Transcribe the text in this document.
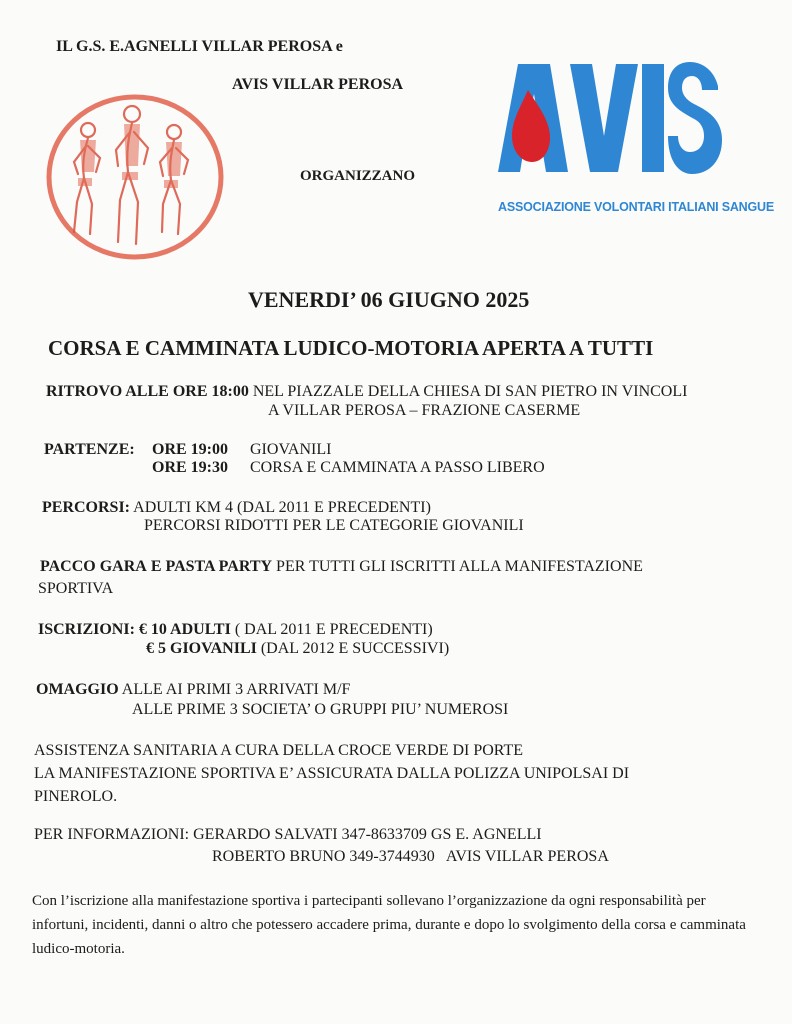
IL G.S. E.AGNELLI VILLAR PEROSA e
AVIS VILLAR PEROSA
ORGANIZZANO
AVIS
ASSOCIAZIONE VOLONTARI ITALIANI SANGUE
VENERDI’ 06 GIUGNO 2025
CORSA E CAMMINATA LUDICO-MOTORIA APERTA A TUTTI
RITROVO ALLE ORE 18:00 NEL PIAZZALE DELLA CHIESA DI SAN PIETRO IN VINCOLI
A VILLAR PEROSA – FRAZIONE CASERME
PARTENZE: ORE 19:00 GIOVANILI
ORE 19:30 CORSA E CAMMINATA A PASSO LIBERO
PERCORSI: ADULTI KM 4 (DAL 2011 E PRECEDENTI)
PERCORSI RIDOTTI PER LE CATEGORIE GIOVANILI
PACCO GARA E PASTA PARTY PER TUTTI GLI ISCRITTI ALLA MANIFESTAZIONE
SPORTIVA
ISCRIZIONI: € 10 ADULTI ( DAL 2011 E PRECEDENTI)
€ 5 GIOVANILI (DAL 2012 E SUCCESSIVI)
OMAGGIO ALLE AI PRIMI 3 ARRIVATI M/F
ALLE PRIME 3 SOCIETA’ O GRUPPI PIU’ NUMEROSI
ASSISTENZA SANITARIA A CURA DELLA CROCE VERDE DI PORTE
LA MANIFESTAZIONE SPORTIVA E’ ASSICURATA DALLA POLIZZA UNIPOLSAI DI
PINEROLO.
PER INFORMAZIONI: GERARDO SALVATI 347-8633709 GS E. AGNELLI
ROBERTO BRUNO 349-3744930   AVIS VILLAR PEROSA
Con l’iscrizione alla manifestazione sportiva i partecipanti sollevano l’organizzazione da ogni responsabilità per infortuni, incidenti, danni o altro che potessero accadere prima, durante e dopo lo svolgimento della corsa e camminata ludico-motoria.
